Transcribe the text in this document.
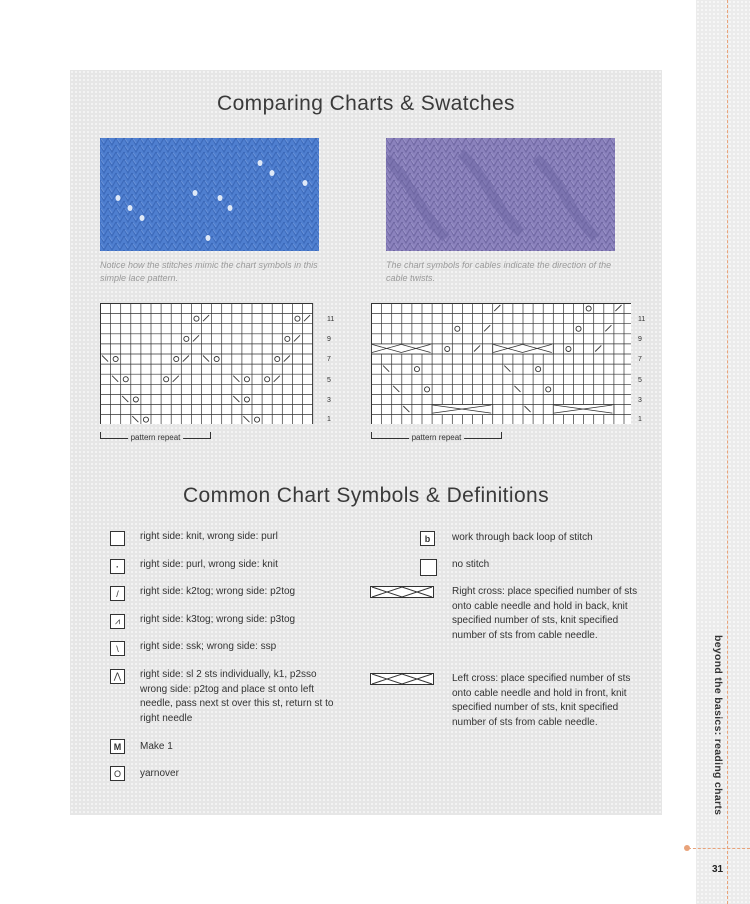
beyond the basics: reading charts
31
Comparing Charts & Swatches
Notice how the stitches mimic the chart symbols in this simple lace pattern.
The chart symbols for cables indicate the direction of the cable twists.
11
9
7
5
3
1
11
9
7
5
3
1
pattern repeat	pattern repeat
Common Chart Symbols & Definitions
right side: knit, wrong side: purl
· right side: purl, wrong side: knit
/ right side: k2tog; wrong side: p2tog
⩘ right side: k3tog; wrong side: p3tog
\ right side: ssk; wrong side: ssp
⋀ right side: sl 2 sts individually, k1, p2sso wrong side: p2tog and place st onto left needle, pass next st over this st, return st to right needle
M Make 1
O yarnover
b work through back loop of stitch
no stitch
Right cross: place specified number of sts onto cable needle and hold in back, knit specified number of sts, knit specified number of sts from cable needle.
Left cross: place specified number of sts onto cable needle and hold in front, knit specified number of sts, knit specified number of sts from cable needle.
